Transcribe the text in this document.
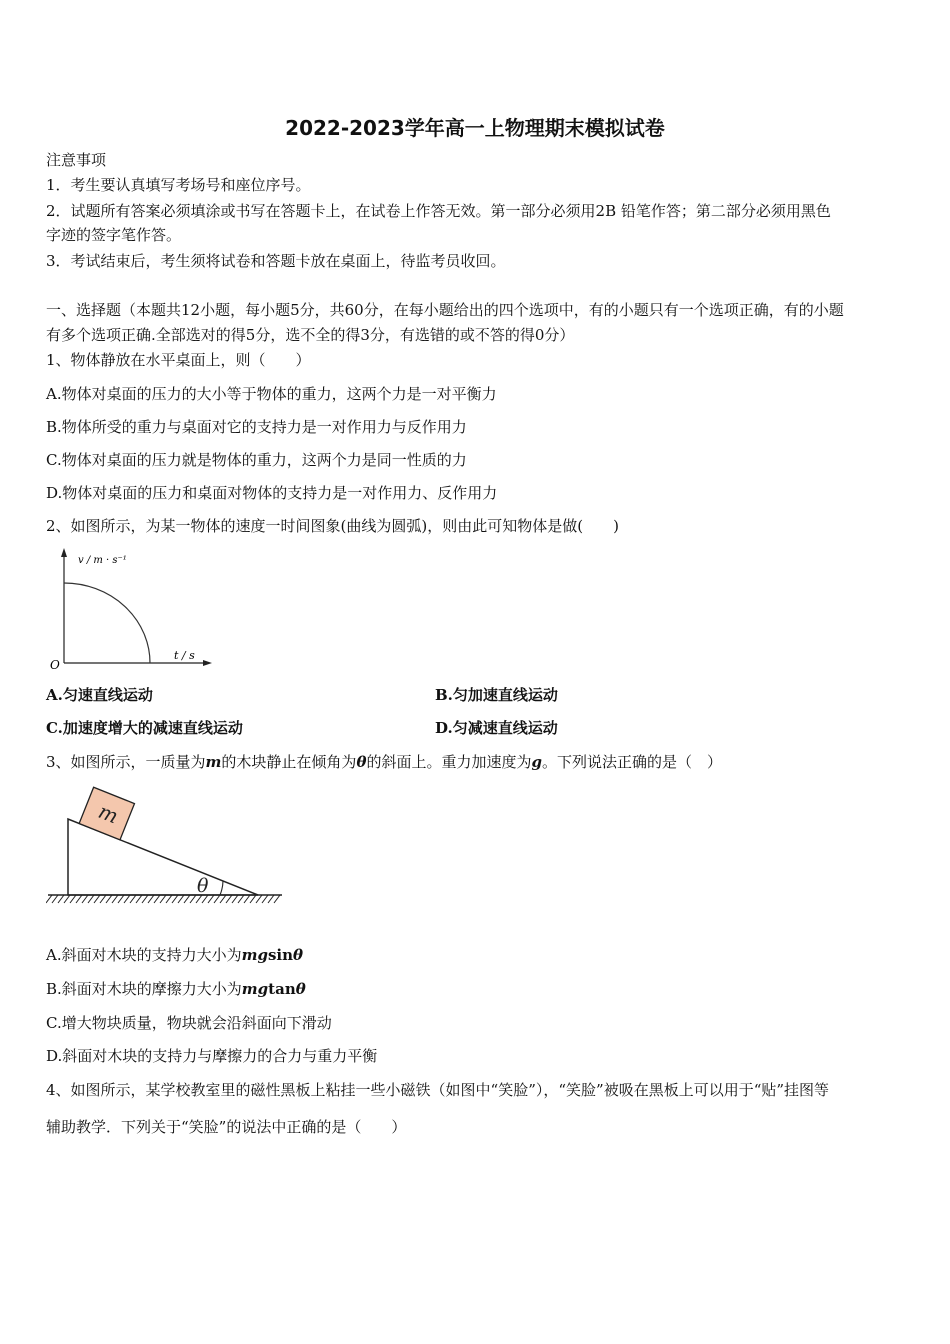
2022-2023学年高一上物理期末模拟试卷
注意事项
1．考生要认真填写考场号和座位序号。
2．试题所有答案必须填涂或书写在答题卡上，在试卷上作答无效。第一部分必须用2B 铅笔作答；第二部分必须用黑色
字迹的签字笔作答。
3．考试结束后，考生须将试卷和答题卡放在桌面上，待监考员收回。
一、选择题（本题共12小题，每小题5分，共60分，在每小题给出的四个选项中，有的小题只有一个选项正确，有的小题
有多个选项正确.全部选对的得5分，选不全的得3分，有选错的或不答的得0分）
1、物体静放在水平桌面上，则（　　）
A.物体对桌面的压力的大小等于物体的重力，这两个力是一对平衡力
B.物体所受的重力与桌面对它的支持力是一对作用力与反作用力
C.物体对桌面的压力就是物体的重力，这两个力是同一性质的力
D.物体对桌面的压力和桌面对物体的支持力是一对作用力、反作用力
2、如图所示，为某一物体的速度一时间图象(曲线为圆弧)，则由此可知物体是做(　　)
v / m · s⁻¹
t / s
O
A.匀速直线运动	B.匀加速直线运动
C.加速度增大的减速直线运动	D.匀减速直线运动
3、如图所示，一质量为m的木块静止在倾角为θ的斜面上。重力加速度为g。下列说法正确的是（　）
m
θ
A.斜面对木块的支持力大小为mgsinθ
B.斜面对木块的摩擦力大小为mgtanθ
C.增大物块质量，物块就会沿斜面向下滑动
D.斜面对木块的支持力与摩擦力的合力与重力平衡
4、如图所示，某学校教室里的磁性黑板上粘挂一些小磁铁（如图中“笑脸”），“笑脸”被吸在黑板上可以用于“贴”挂图等
辅助教学．下列关于“笑脸”的说法中正确的是（　　）
